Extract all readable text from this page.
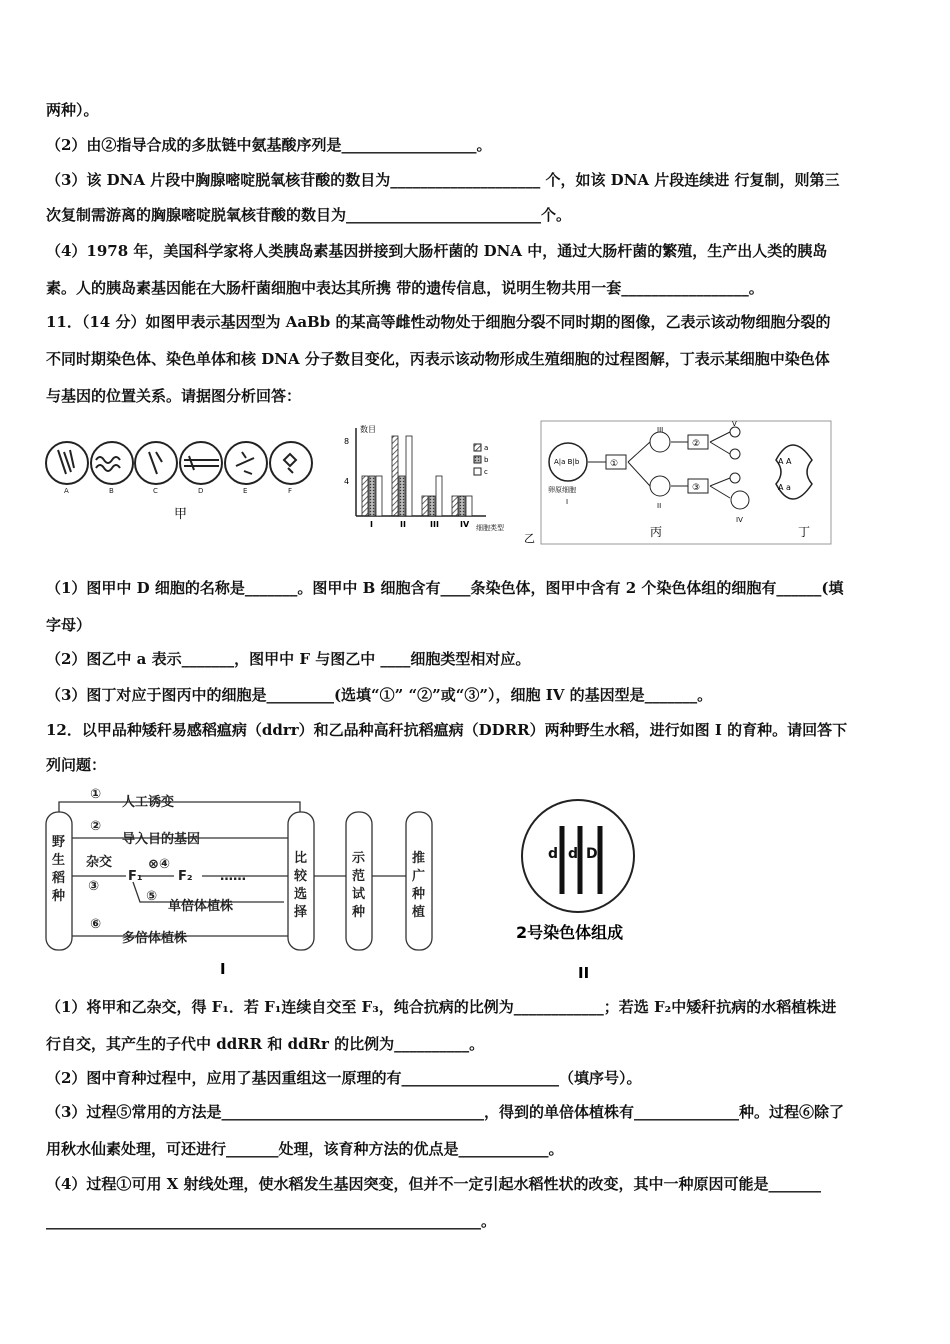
两种）。
（2）由②指导合成的多肽链中氨基酸序列是__________________。
（3）该 DNA 片段中胸腺嘧啶脱氧核苷酸的数目为____________________ 个，如该 DNA 片段连续进 行复制，则第三
次复制需游离的胸腺嘧啶脱氧核苷酸的数目为__________________________个。
（4）1978 年，美国科学家将人类胰岛素基因拼接到大肠杆菌的 DNA 中，通过大肠杆菌的繁殖，生产出人类的胰岛
素。人的胰岛素基因能在大肠杆菌细胞中表达其所携 带的遗传信息，说明生物共用一套_________________。
11．（14 分）如图甲表示基因型为 AaBb 的某高等雌性动物处于细胞分裂不同时期的图像，乙表示该动物细胞分裂的
不同时期染色体、染色单体和核 DNA 分子数目变化，丙表示该动物形成生殖细胞的过程图解，丁表示某细胞中染色体
与基因的位置关系。请据图分析回答：
A	B	C	D	E	F
甲
数目
4
8
I	II	III	IV 细胞类型
a
b
c
乙
A|a B|b
卵原细胞
I
①
III
II
②
③
V
IV
丙
A A
A a
丁
（1）图甲中 D 细胞的名称是_______。图甲中 B 细胞含有____条染色体，图甲中含有 2 个染色体组的细胞有______(填
字母）
（2）图乙中 a 表示_______，图甲中 F 与图乙中 ____细胞类型相对应。
（3）图丁对应于图丙中的细胞是_________(选填“①” “②”或“③”），细胞 IV 的基因型是_______。
12．以甲品种矮秆易感稻瘟病（ddrr）和乙品种高秆抗稻瘟病（DDRR）两种野生水稻，进行如图 I 的育种。请回答下
列问题：
野
生
稻
种
比
较
选
择
示
范
试
种
推
广
种
植
①
人工诱变
②
导入目的基因
杂交
③
F₁
⊗④
F₂ ……
⑤
单倍体植株
⑥
多倍体植株
I
d d D
2号染色体组成
II
（1）将甲和乙杂交，得 F₁．若 F₁连续自交至 F₃，纯合抗病的比例为____________；若选 F₂中矮秆抗病的水稻植株进
行自交，其产生的子代中 ddRR 和 ddRr 的比例为__________。
（2）图中育种过程中，应用了基因重组这一原理的有_____________________（填序号）。
（3）过程⑤常用的方法是___________________________________，得到的单倍体植株有______________种。过程⑥除了
用秋水仙素处理，可还进行_______处理，该育种方法的优点是____________。
（4）过程①可用 X 射线处理，使水稻发生基因突变，但并不一定引起水稻性状的改变，其中一种原因可能是_______
__________________________________________________________。
